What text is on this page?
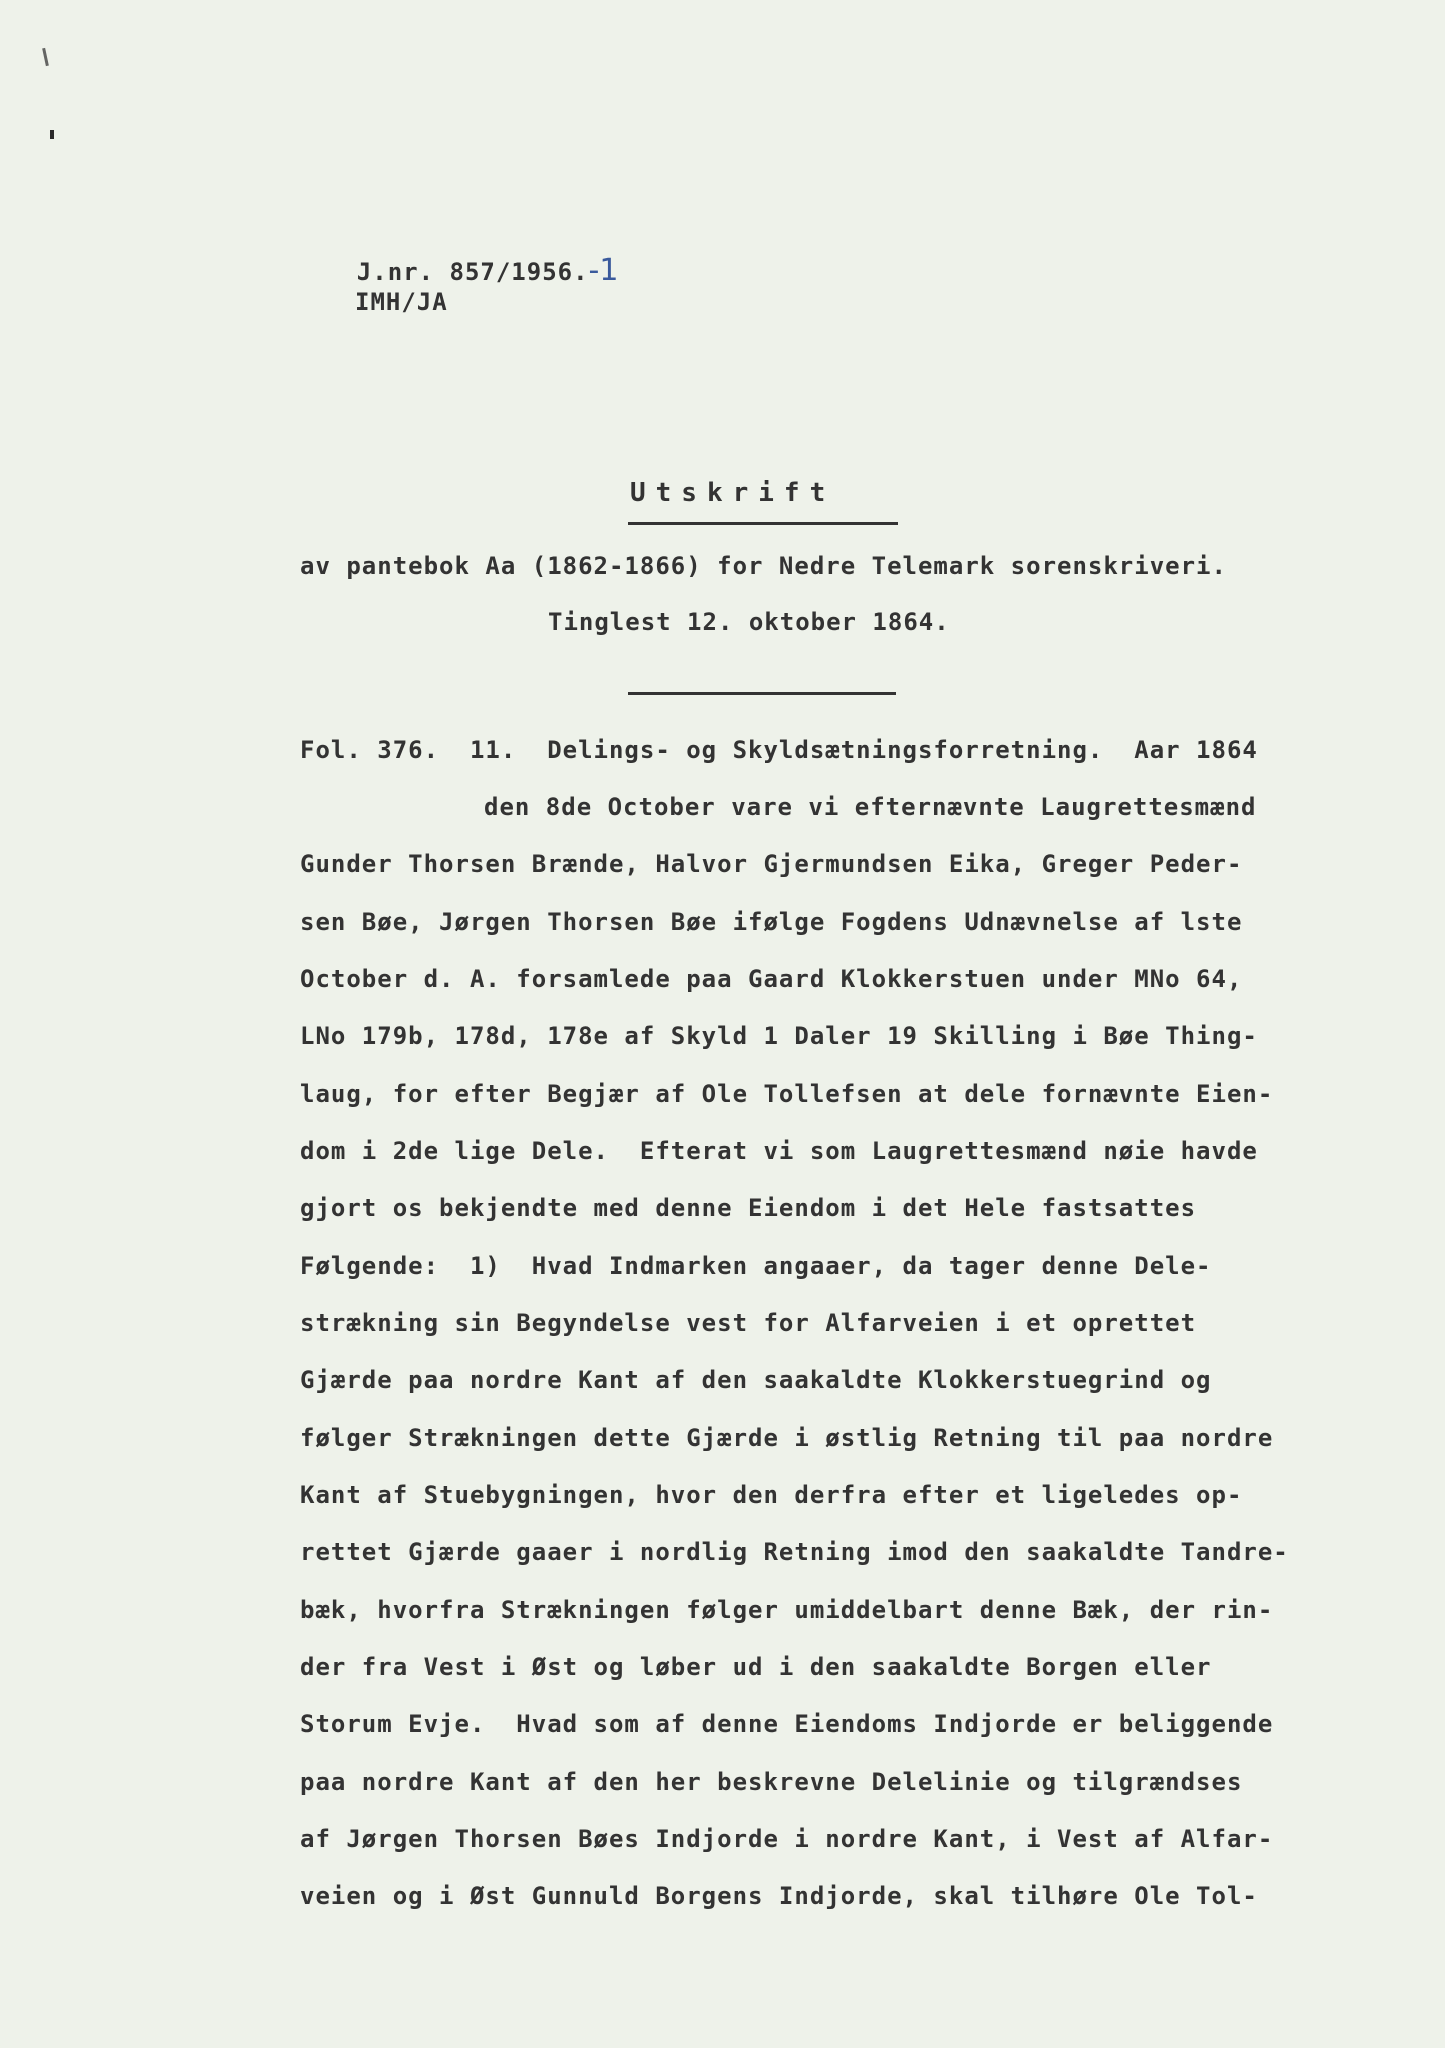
J.nr. 857/1956.-1

IMH/JA
Utskrift
av pantebok Aa (1862-1866) for Nedre Telemark sorenskriveri.
Tinglest 12. oktober 1864.
Fol. 376.  11.  Delings- og Skyldsætningsforretning.  Aar 1864
den 8de October vare vi efternævnte Laugrettesmænd
Gunder Thorsen Brænde, Halvor Gjermundsen Eika, Greger Peder-
sen Bøe, Jørgen Thorsen Bøe ifølge Fogdens Udnævnelse af lste
October d. A. forsamlede paa Gaard Klokkerstuen under MNo 64,
LNo 179b, 178d, 178e af Skyld 1 Daler 19 Skilling i Bøe Thing-
laug, for efter Begjær af Ole Tollefsen at dele fornævnte Eien-
dom i 2de lige Dele.  Efterat vi som Laugrettesmænd nøie havde
gjort os bekjendte med denne Eiendom i det Hele fastsattes
Følgende:  1)  Hvad Indmarken angaaer, da tager denne Dele-
strækning sin Begyndelse vest for Alfarveien i et oprettet
Gjærde paa nordre Kant af den saakaldte Klokkerstuegrind og
følger Strækningen dette Gjærde i østlig Retning til paa nordre
Kant af Stuebygningen, hvor den derfra efter et ligeledes op-
rettet Gjærde gaaer i nordlig Retning imod den saakaldte Tandre-
bæk, hvorfra Strækningen følger umiddelbart denne Bæk, der rin-
der fra Vest i Øst og løber ud i den saakaldte Borgen eller
Storum Evje.  Hvad som af denne Eiendoms Indjorde er beliggende
paa nordre Kant af den her beskrevne Delelinie og tilgrændses
af Jørgen Thorsen Bøes Indjorde i nordre Kant, i Vest af Alfar-
veien og i Øst Gunnuld Borgens Indjorde, skal tilhøre Ole Tol-
